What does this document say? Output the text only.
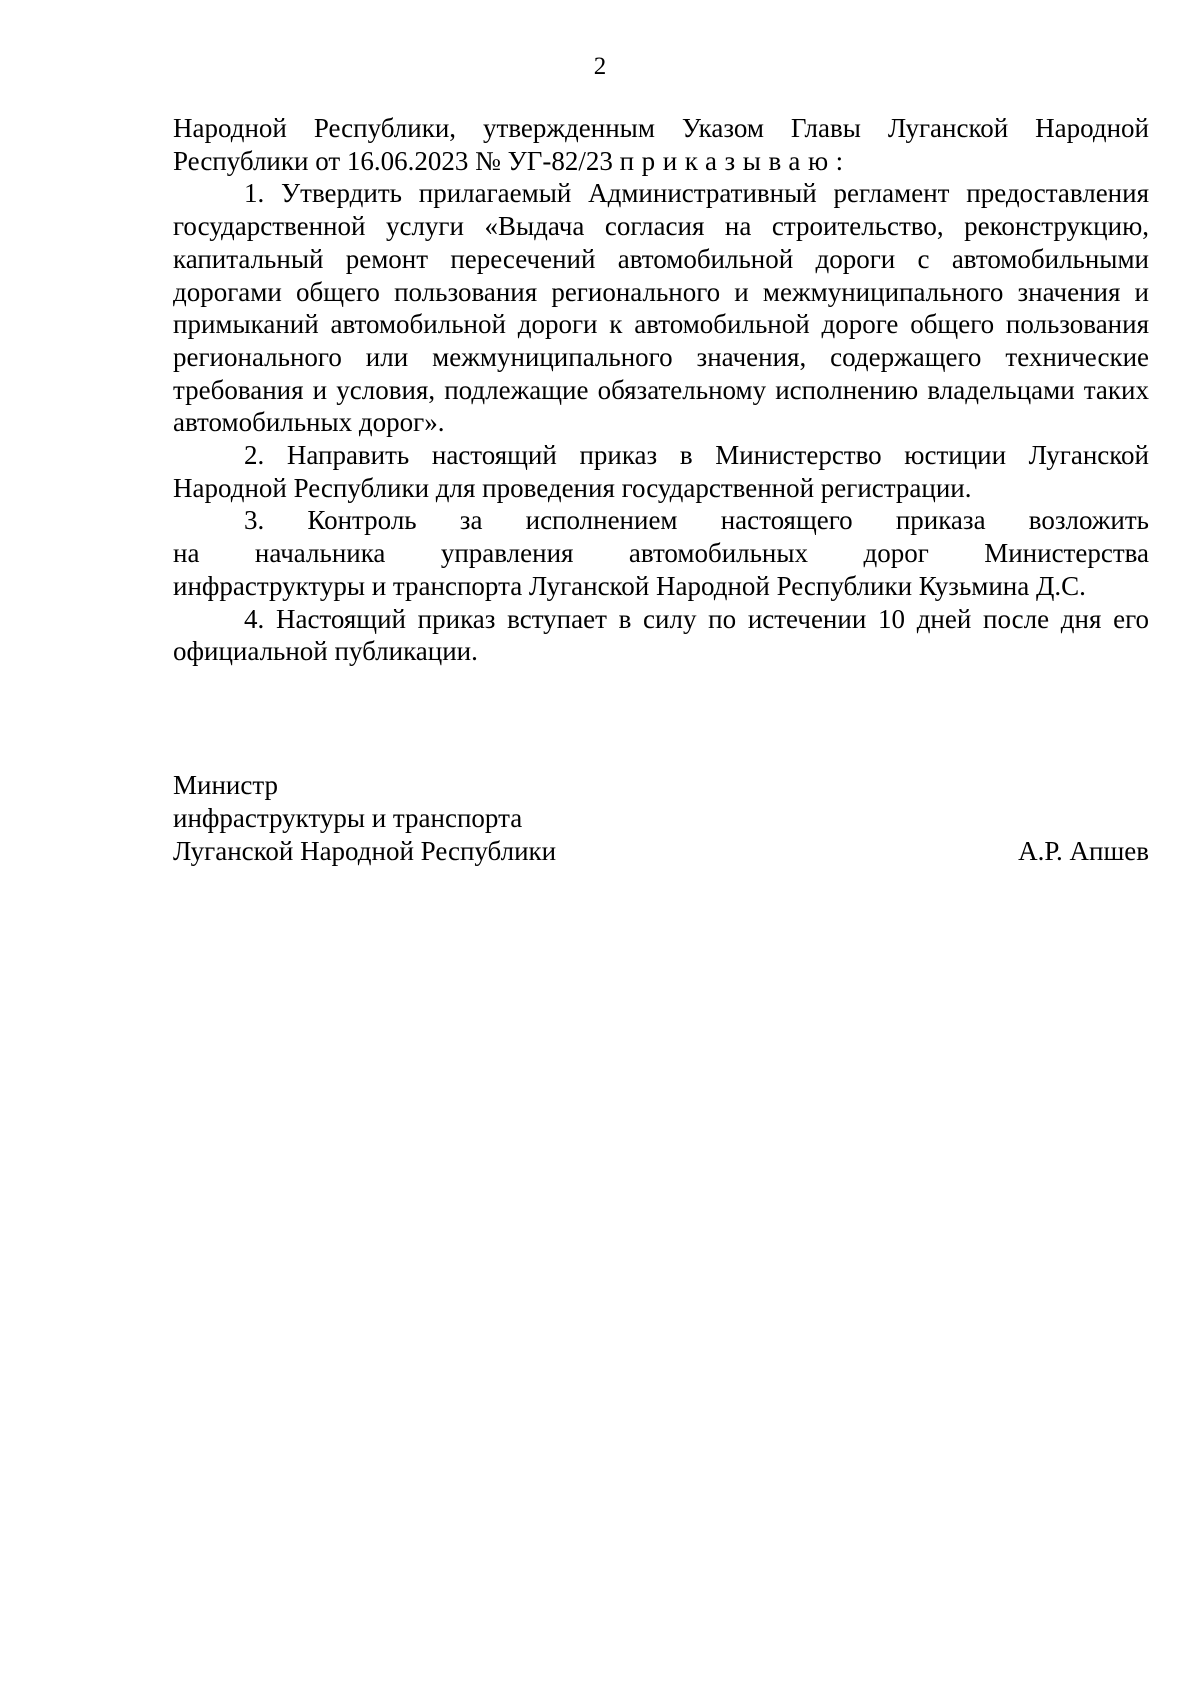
2

Народной Республики, утвержденным Указом Главы Луганской Народной Республики от 16.06.2023 № УГ-82/23 приказываю:

1. Утвердить прилагаемый Административный регламент предоставления государственной услуги «Выдача согласия на строительство, реконструкцию, капитальный ремонт пересечений автомобильной дороги с автомобильными дорогами общего пользования регионального и межмуниципального значения и примыканий автомобильной дороги к автомобильной дороге общего пользования регионального или межмуниципального значения, содержащего технические требования и условия, подлежащие обязательному исполнению владельцами таких автомобильных дорог».

2. Направить настоящий приказ в Министерство юстиции Луганской Народной Республики для проведения государственной регистрации.

3. Контроль за исполнением настоящего приказа возложить

на начальника управления автомобильных дорог Министерства

инфраструктуры и транспорта Луганской Народной Республики Кузьмина Д.С.

4. Настоящий приказ вступает в силу по истечении 10 дней после дня его официальной публикации.

Министр
инфраструктуры и транспорта
Луганской Народной Республики	А.Р. Апшев
